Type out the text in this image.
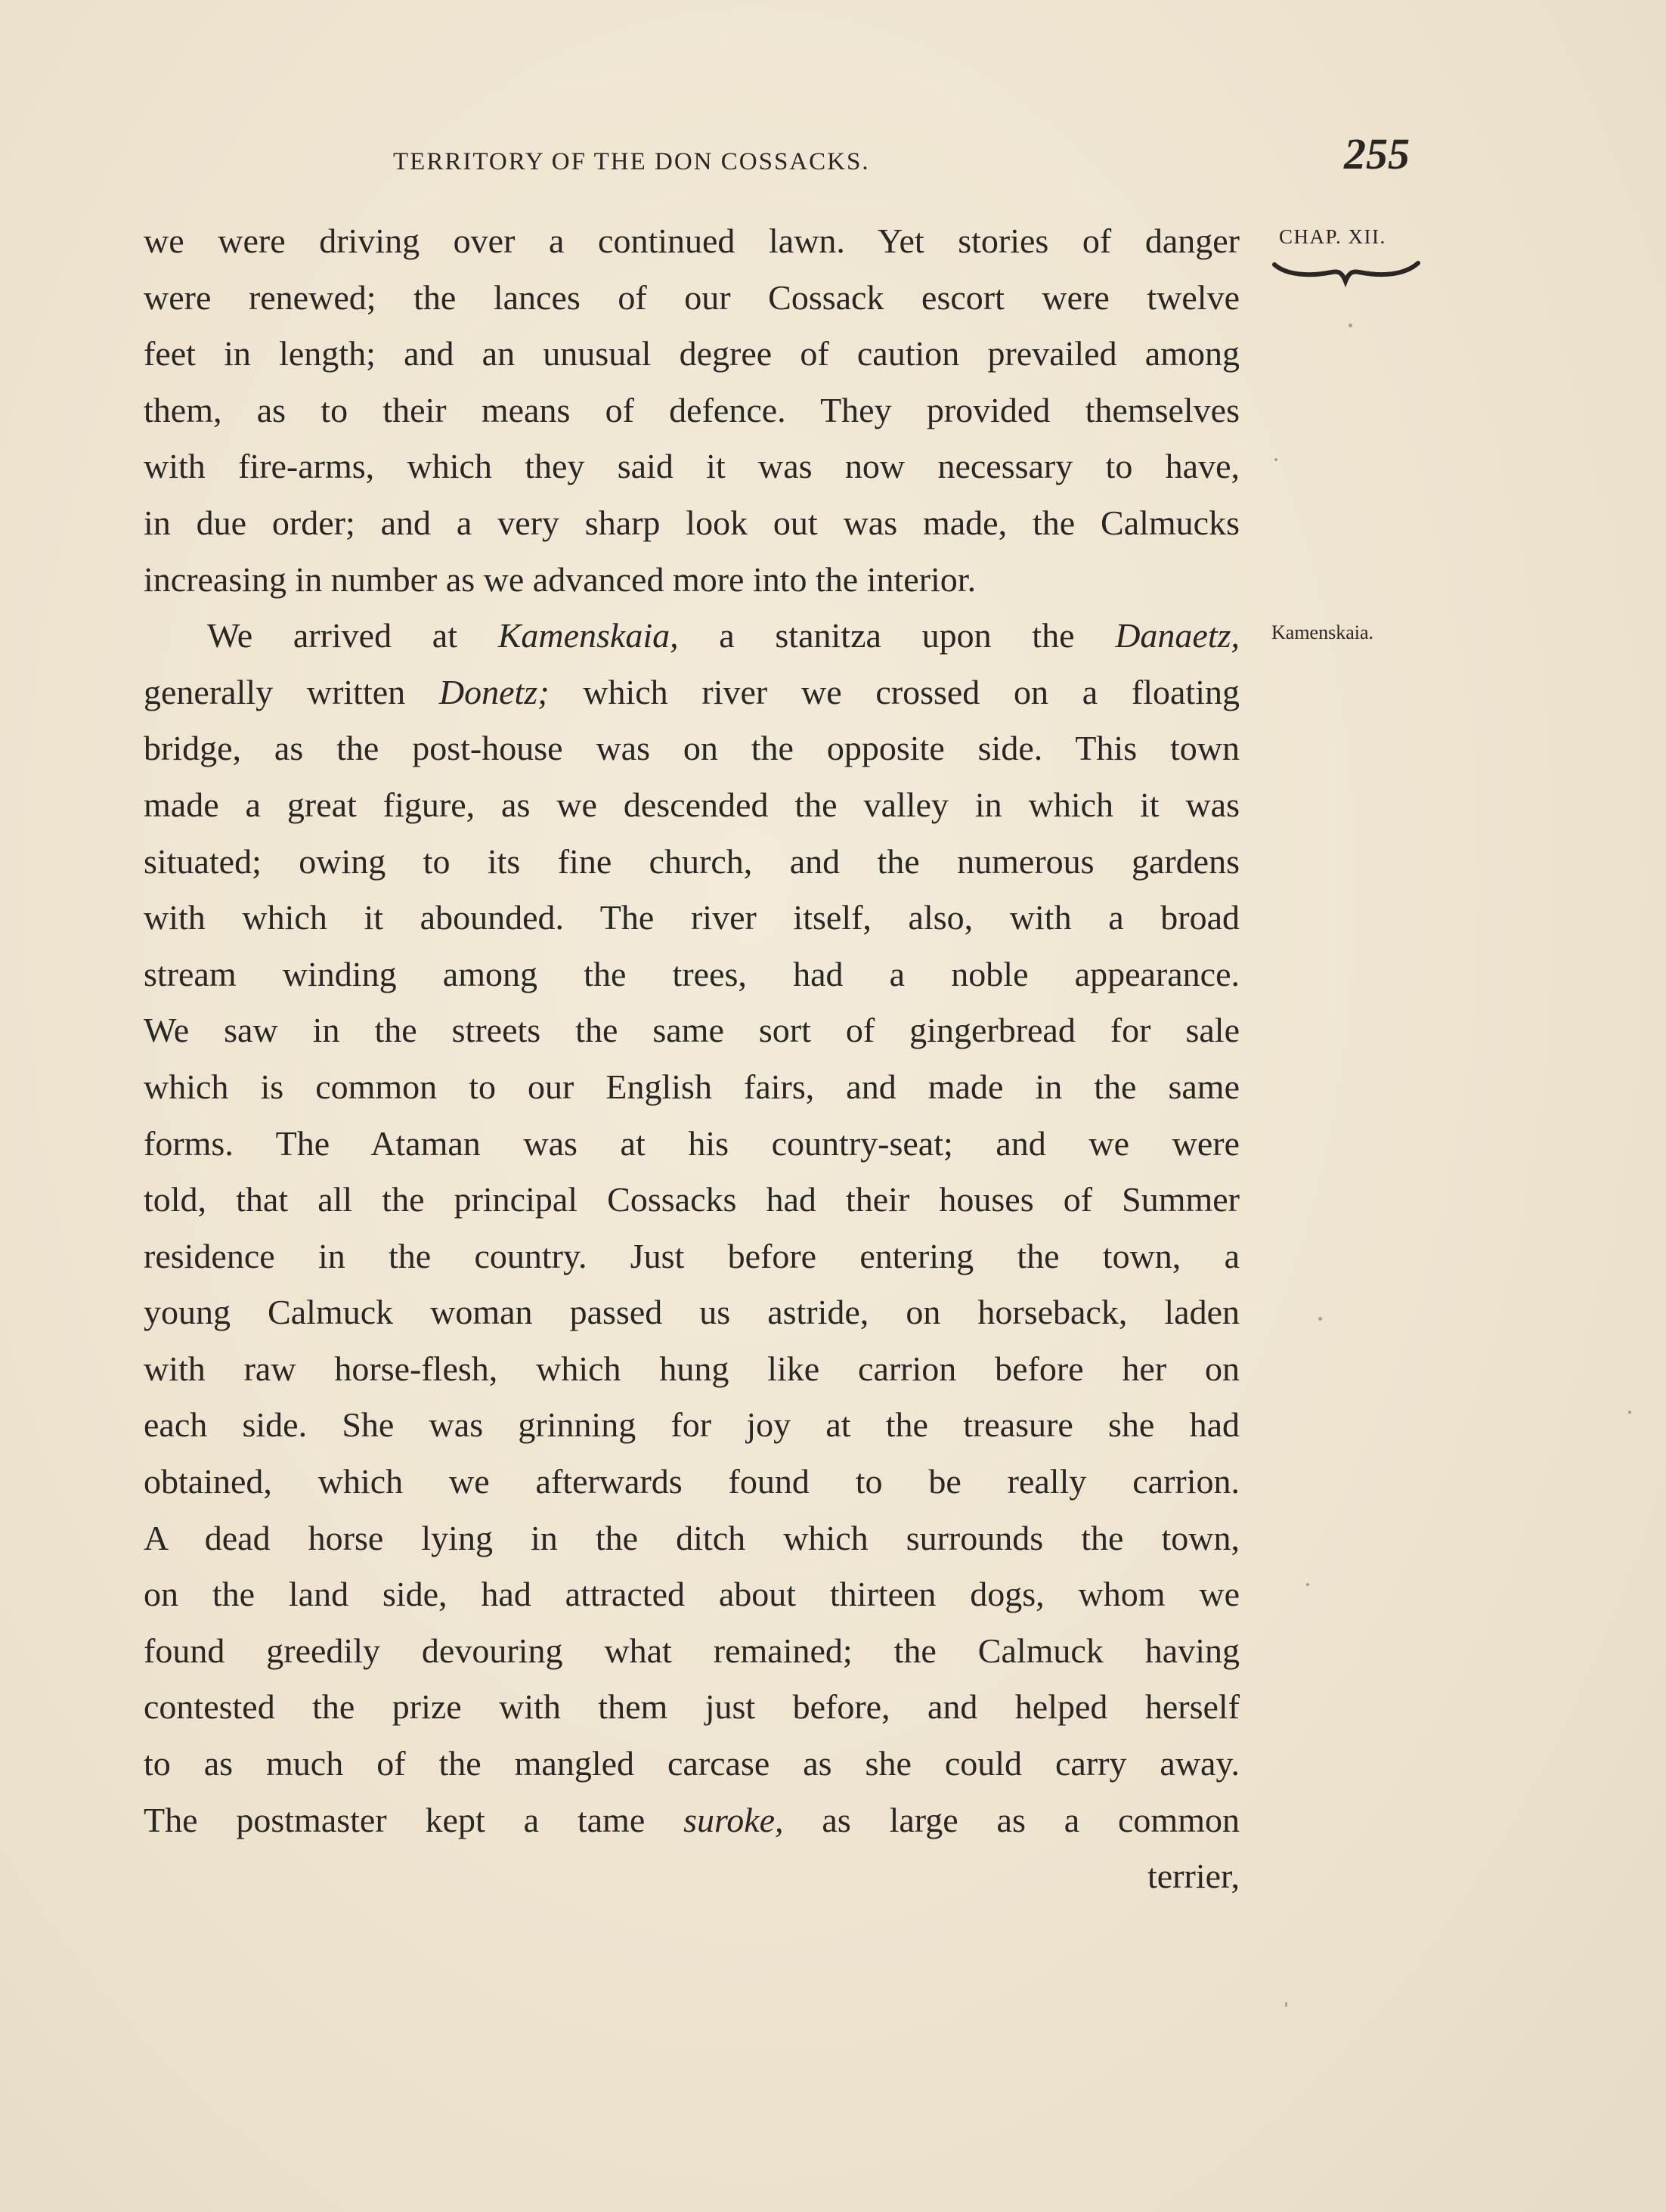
TERRITORY OF THE DON COSSACKS.	255
CHAP. XII.
Kamenskaia.
we were driving over a continued lawn. Yet stories of danger
were renewed; the lances of our Cossack escort were twelve
feet in length; and an unusual degree of caution prevailed among
them, as to their means of defence. They provided themselves
with fire-arms, which they said it was now necessary to have,
in due order; and a very sharp look out was made, the Calmucks
increasing in number as we advanced more into the interior.
We arrived at Kamenskaia, a stanitza upon the Danaetz,
generally written Donetz; which river we crossed on a floating
bridge, as the post-house was on the opposite side. This town
made a great figure, as we descended the valley in which it was
situated; owing to its fine church, and the numerous gardens
with which it abounded. The river itself, also, with a broad
stream winding among the trees, had a noble appearance.
We saw in the streets the same sort of gingerbread for sale
which is common to our English fairs, and made in the same
forms. The Ataman was at his country-seat; and we were
told, that all the principal Cossacks had their houses of Summer
residence in the country. Just before entering the town, a
young Calmuck woman passed us astride, on horseback, laden
with raw horse-flesh, which hung like carrion before her on
each side. She was grinning for joy at the treasure she had
obtained, which we afterwards found to be really carrion.
A dead horse lying in the ditch which surrounds the town,
on the land side, had attracted about thirteen dogs, whom we
found greedily devouring what remained; the Calmuck having
contested the prize with them just before, and helped herself
to as much of the mangled carcase as she could carry away.
The postmaster kept a tame suroke, as large as a common
terrier,
